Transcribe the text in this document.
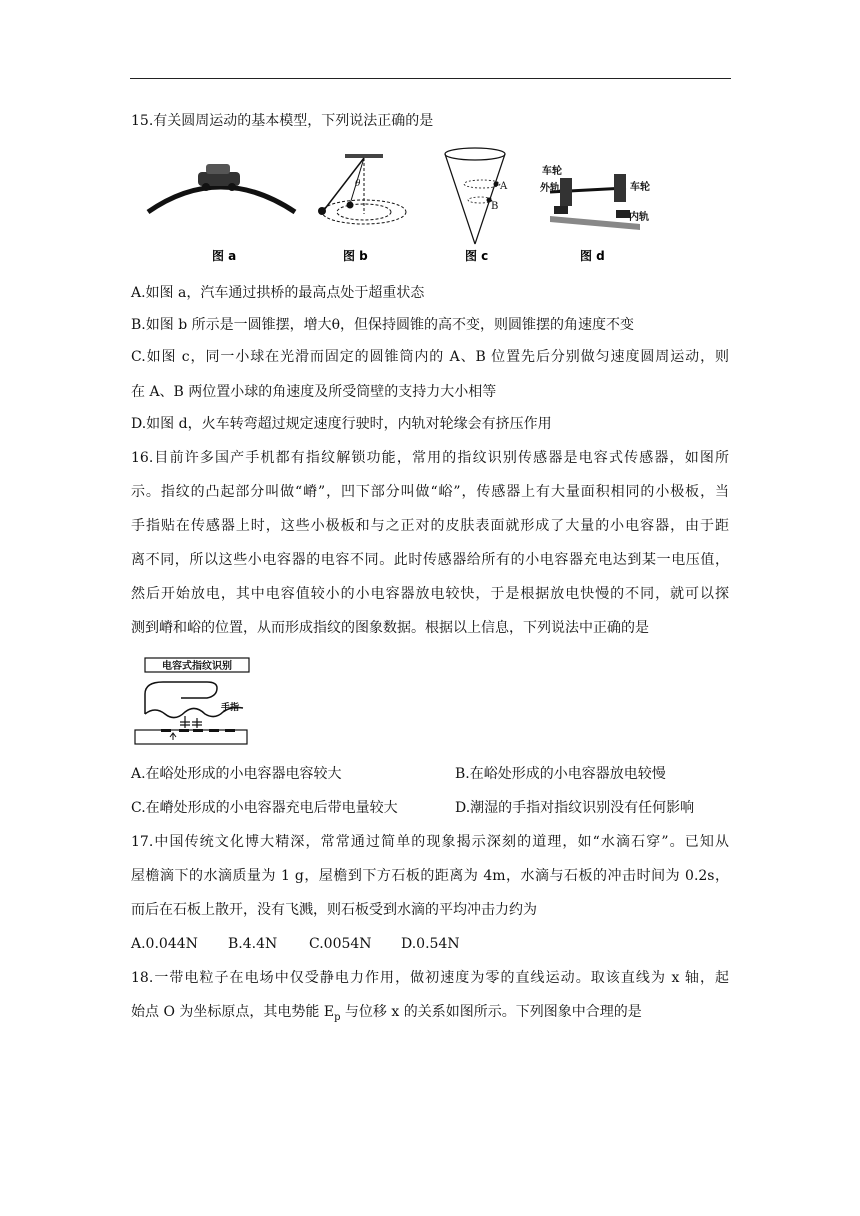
15.有关圆周运动的基本模型，下列说法正确的是
θ	A
B
车轮
外轨	车轮
内轨
图 a	图 b	图 c	图 d
A.如图 a，汽车通过拱桥的最高点处于超重状态
B.如图 b 所示是一圆锥摆，增大θ，但保持圆锥的高不变，则圆锥摆的角速度不变
C.如图 c，同一小球在光滑而固定的圆锥筒内的 A、B 位置先后分别做匀速度圆周运动，则
在 A、B 两位置小球的角速度及所受筒壁的支持力大小相等
D.如图 d，火车转弯超过规定速度行驶时，内轨对轮缘会有挤压作用
16.目前许多国产手机都有指纹解锁功能，常用的指纹识别传感器是电容式传感器，如图所
示。指纹的凸起部分叫做“嵴”，凹下部分叫做“峪”，传感器上有大量面积相同的小极板，当
手指贴在传感器上时，这些小极板和与之正对的皮肤表面就形成了大量的小电容器，由于距
离不同，所以这些小电容器的电容不同。此时传感器给所有的小电容器充电达到某一电压值，
然后开始放电，其中电容值较小的小电容器放电较快，于是根据放电快慢的不同，就可以探
测到嵴和峪的位置，从而形成指纹的图象数据。根据以上信息，下列说法中正确的是
电容式指纹识别
手指
A.在峪处形成的小电容器电容较大	B.在峪处形成的小电容器放电较慢
C.在嵴处形成的小电容器充电后带电量较大	D.潮湿的手指对指纹识别没有任何影响
17.中国传统文化博大精深，常常通过简单的现象揭示深刻的道理，如“水滴石穿”。已知从
屋檐滴下的水滴质量为 1 g，屋檐到下方石板的距离为 4m，水滴与石板的冲击时间为 0.2s，
而后在石板上散开，没有飞溅，则石板受到水滴的平均冲击力约为
A.0.044N B.4.4N C.0054N D.0.54N
18.一带电粒子在电场中仅受静电力作用，做初速度为零的直线运动。取该直线为 x 轴，起
始点 O 为坐标原点，其电势能 $E_p$ 与位移 x 的关系如图所示。下列图象中合理的是
